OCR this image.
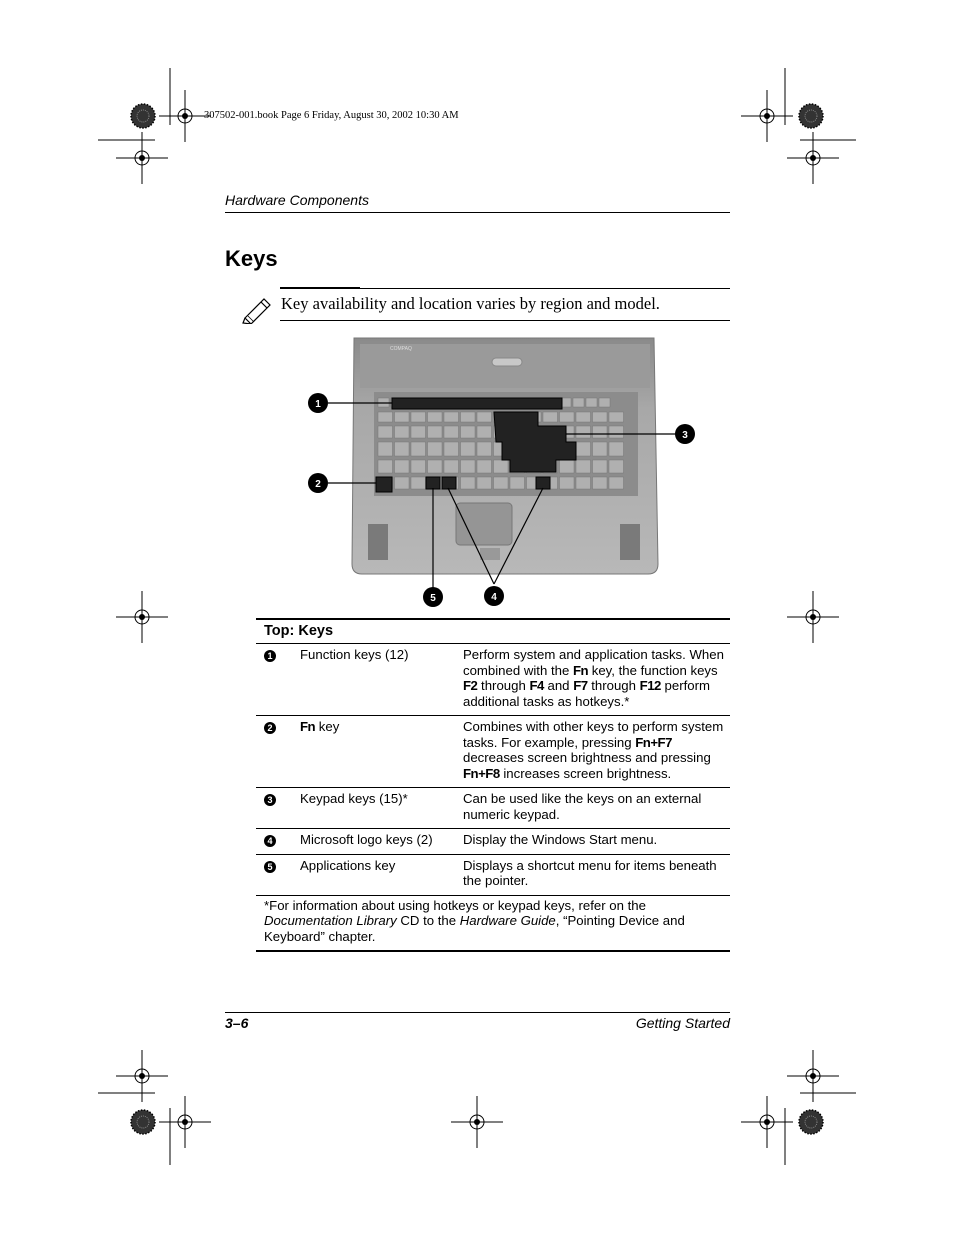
307502-001.book Page 6 Friday, August 30, 2002 10:30 AM
Hardware Components
Keys
Key availability and location varies by region and model.
COMPAQ
1
2
3
4
5
Top: Keys		
1	Function keys (12)	Perform system and application tasks. When combined with the Fn key, the function keys F2 through F4 and F7 through F12 perform additional tasks as hotkeys.*
2	Fn key	Combines with other keys to perform system tasks. For example, pressing Fn+F7 decreases screen brightness and pressing Fn+F8 increases screen brightness.
3	Keypad keys (15)*	Can be used like the keys on an external numeric keypad.
4	Microsoft logo keys (2)	Display the Windows Start menu.
5	Applications key	Displays a shortcut menu for items beneath the pointer.
*For information about using hotkeys or keypad keys, refer on the Documentation Library CD to the Hardware Guide, “Pointing Device and Keyboard” chapter.		
3–6	Getting Started
